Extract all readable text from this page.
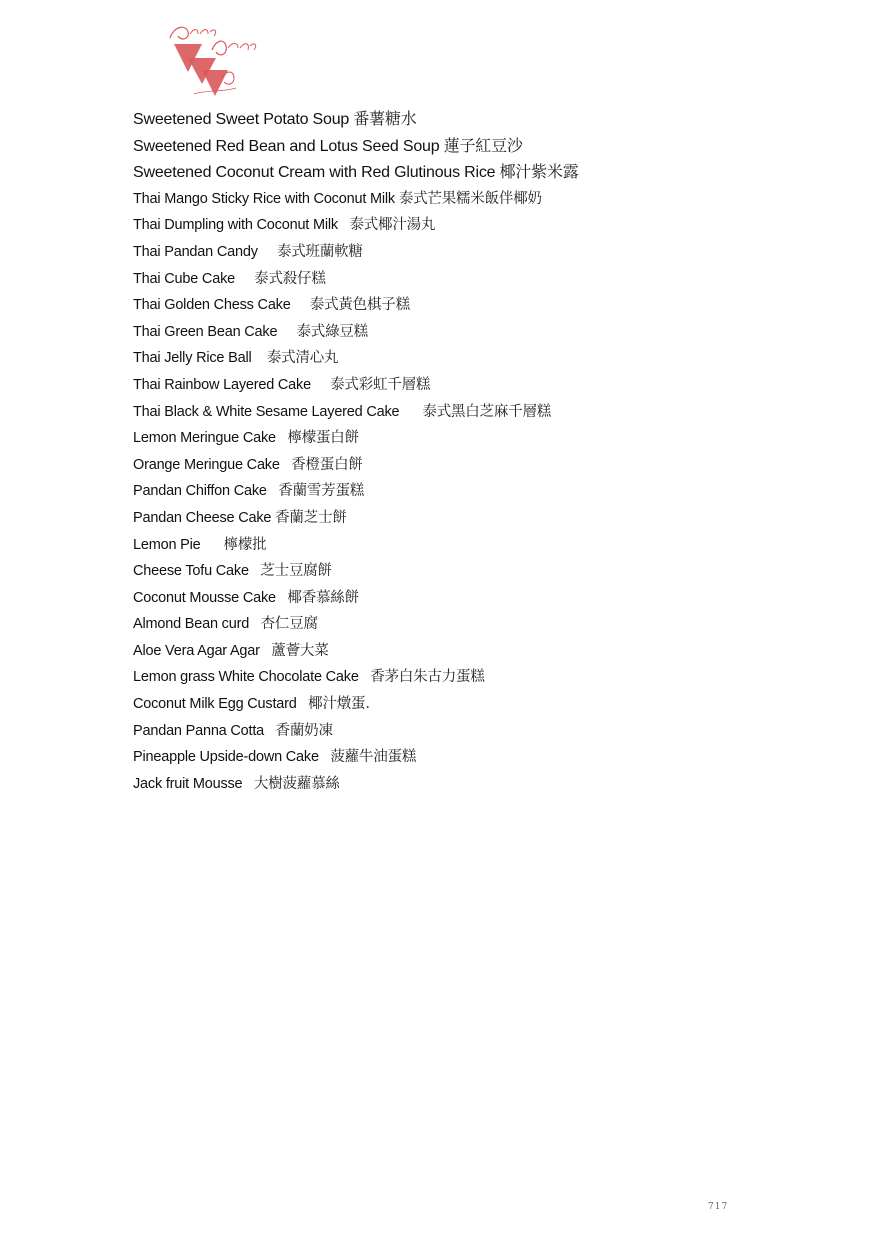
Sweetened Sweet Potato Soup 番薯糖水
Sweetened Red Bean and Lotus Seed Soup 蓮子紅豆沙
Sweetened Coconut Cream with Red Glutinous Rice 椰汁紫米露
Thai Mango Sticky Rice with Coconut Milk 泰式芒果糯米飯伴椰奶
Thai Dumpling with Coconut Milk 泰式椰汁湯丸
Thai Pandan Candy 泰式班蘭軟糖
Thai Cube Cake 泰式殺仔糕
Thai Golden Chess Cake 泰式黃色棋子糕
Thai Green Bean Cake 泰式綠豆糕
Thai Jelly Rice Ball 泰式清心丸
Thai Rainbow Layered Cake 泰式彩虹千層糕
Thai Black & White Sesame Layered Cake 泰式黑白芝麻千層糕
Lemon Meringue Cake 檸檬蛋白餅
Orange Meringue Cake 香橙蛋白餅
Pandan Chiffon Cake 香蘭雪芳蛋糕
Pandan Cheese Cake 香蘭芝士餅
Lemon Pie 檸檬批
Cheese Tofu Cake 芝士豆腐餅
Coconut Mousse Cake 椰香慕絲餅
Almond Bean curd 杏仁豆腐
Aloe Vera Agar Agar 蘆薈大菜
Lemon grass White Chocolate Cake 香茅白朱古力蛋糕
Coconut Milk Egg Custard 椰汁燉蛋.
Pandan Panna Cotta 香蘭奶凍
Pineapple Upside-down Cake 菠蘿牛油蛋糕
Jack fruit Mousse 大樹菠蘿慕絲
717
